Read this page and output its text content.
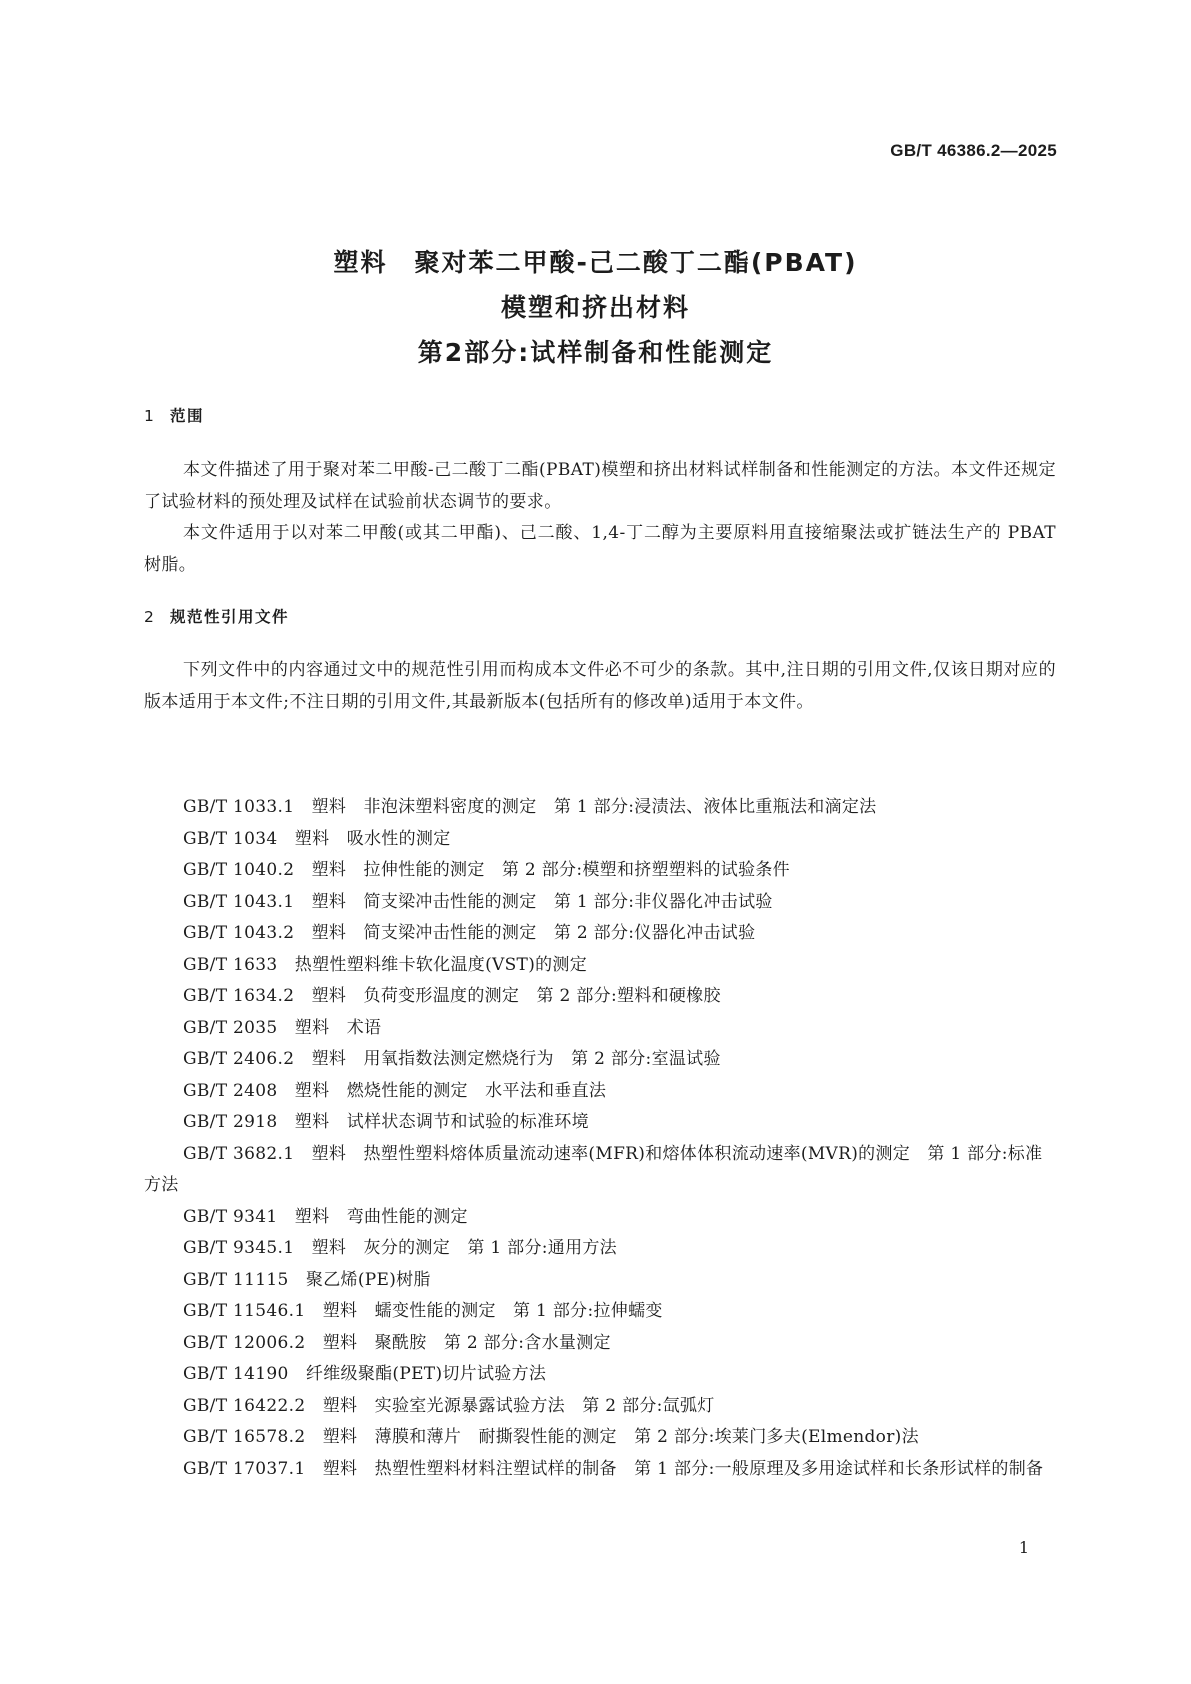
GB/T 46386.2—2025
塑料　聚对苯二甲酸-己二酸丁二酯(PBAT)
模塑和挤出材料
第2部分:试样制备和性能测定
1 范围

本文件描述了用于聚对苯二甲酸-己二酸丁二酯(PBAT)模塑和挤出材料试样制备和性能测定的方法。本文件还规定了试验材料的预处理及试样在试验前状态调节的要求。

本文件适用于以对苯二甲酸(或其二甲酯)、己二酸、1,4-丁二醇为主要原料用直接缩聚法或扩链法生产的 PBAT 树脂。

2 规范性引用文件

下列文件中的内容通过文中的规范性引用而构成本文件必不可少的条款。其中,注日期的引用文件,仅该日期对应的版本适用于本文件;不注日期的引用文件,其最新版本(包括所有的修改单)适用于本文件。

GB/T 1033.1　塑料　非泡沫塑料密度的测定　第 1 部分:浸渍法、液体比重瓶法和滴定法

GB/T 1034　塑料　吸水性的测定

GB/T 1040.2　塑料　拉伸性能的测定　第 2 部分:模塑和挤塑塑料的试验条件

GB/T 1043.1　塑料　简支梁冲击性能的测定　第 1 部分:非仪器化冲击试验

GB/T 1043.2　塑料　简支梁冲击性能的测定　第 2 部分:仪器化冲击试验

GB/T 1633　热塑性塑料维卡软化温度(VST)的测定

GB/T 1634.2　塑料　负荷变形温度的测定　第 2 部分:塑料和硬橡胶

GB/T 2035　塑料　术语

GB/T 2406.2　塑料　用氧指数法测定燃烧行为　第 2 部分:室温试验

GB/T 2408　塑料　燃烧性能的测定　水平法和垂直法

GB/T 2918　塑料　试样状态调节和试验的标准环境

GB/T 3682.1　塑料　热塑性塑料熔体质量流动速率(MFR)和熔体体积流动速率(MVR)的测定　第 1 部分:标准方法

GB/T 9341　塑料　弯曲性能的测定

GB/T 9345.1　塑料　灰分的测定　第 1 部分:通用方法

GB/T 11115　聚乙烯(PE)树脂

GB/T 11546.1　塑料　蠕变性能的测定　第 1 部分:拉伸蠕变

GB/T 12006.2　塑料　聚酰胺　第 2 部分:含水量测定

GB/T 14190　纤维级聚酯(PET)切片试验方法

GB/T 16422.2　塑料　实验室光源暴露试验方法　第 2 部分:氙弧灯

GB/T 16578.2　塑料　薄膜和薄片　耐撕裂性能的测定　第 2 部分:埃莱门多夫(Elmendor)法

GB/T 17037.1　塑料　热塑性塑料材料注塑试样的制备　第 1 部分:一般原理及多用途试样和长条形试样的制备

1
